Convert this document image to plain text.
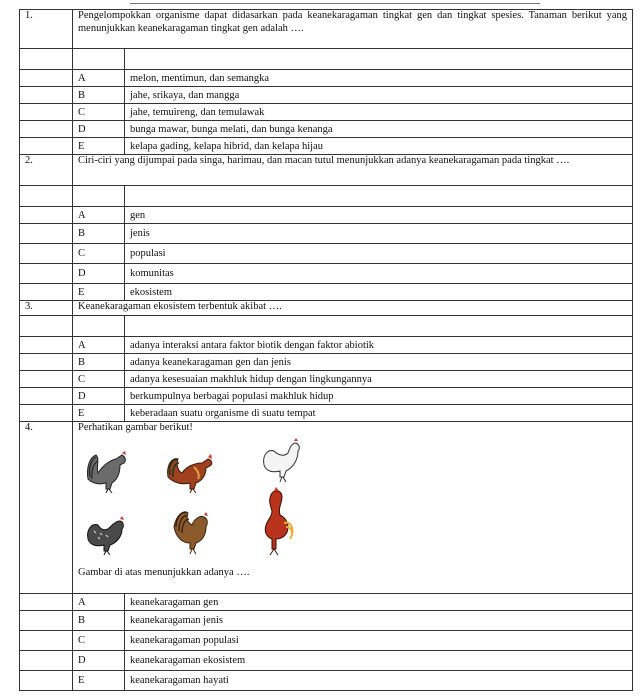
1.	Pengelompokkan organisme dapat didasarkan pada keanekaragaman tingkat gen dan tingkat spesies. Tanaman berikut yang menunjukkan keanekaragaman tingkat gen adalah ….	

	A	melon, mentimun, dan semangka
	B	jahe, srikaya, dan mangga
	C	jahe, temuireng, dan temulawak
	D	bunga mawar, bunga melati, dan bunga kenanga
	E	kelapa gading, kelapa hibrid, dan kelapa hijau
2.	Ciri-ciri yang dijumpai pada singa, harimau, dan macan tutul menunjukkan adanya keanekaragaman pada tingkat ….	

	A	gen
	B	jenis
	C	populasi
	D	komunitas
	E	ekosistem
3.	Keanekaragaman ekosistem terbentuk akibat ….	

	A	adanya interaksi antara faktor biotik dengan faktor abiotik
	B	adanya keanekaragaman gen dan jenis
	C	adanya kesesuaian makhluk hidup dengan lingkungannya
	D	berkumpulnya berbagai populasi makhluk hidup
	E	keberadaan suatu organisme di suatu tempat
4.	Perhatikan gambar berikut!
Gambar di atas menunjukkan adanya ….	

	A	keanekaragaman gen
	B	keanekaragaman jenis
	C	keanekaragaman populasi
	D	keanekaragaman ekosistem
	E	keanekaragaman hayati
